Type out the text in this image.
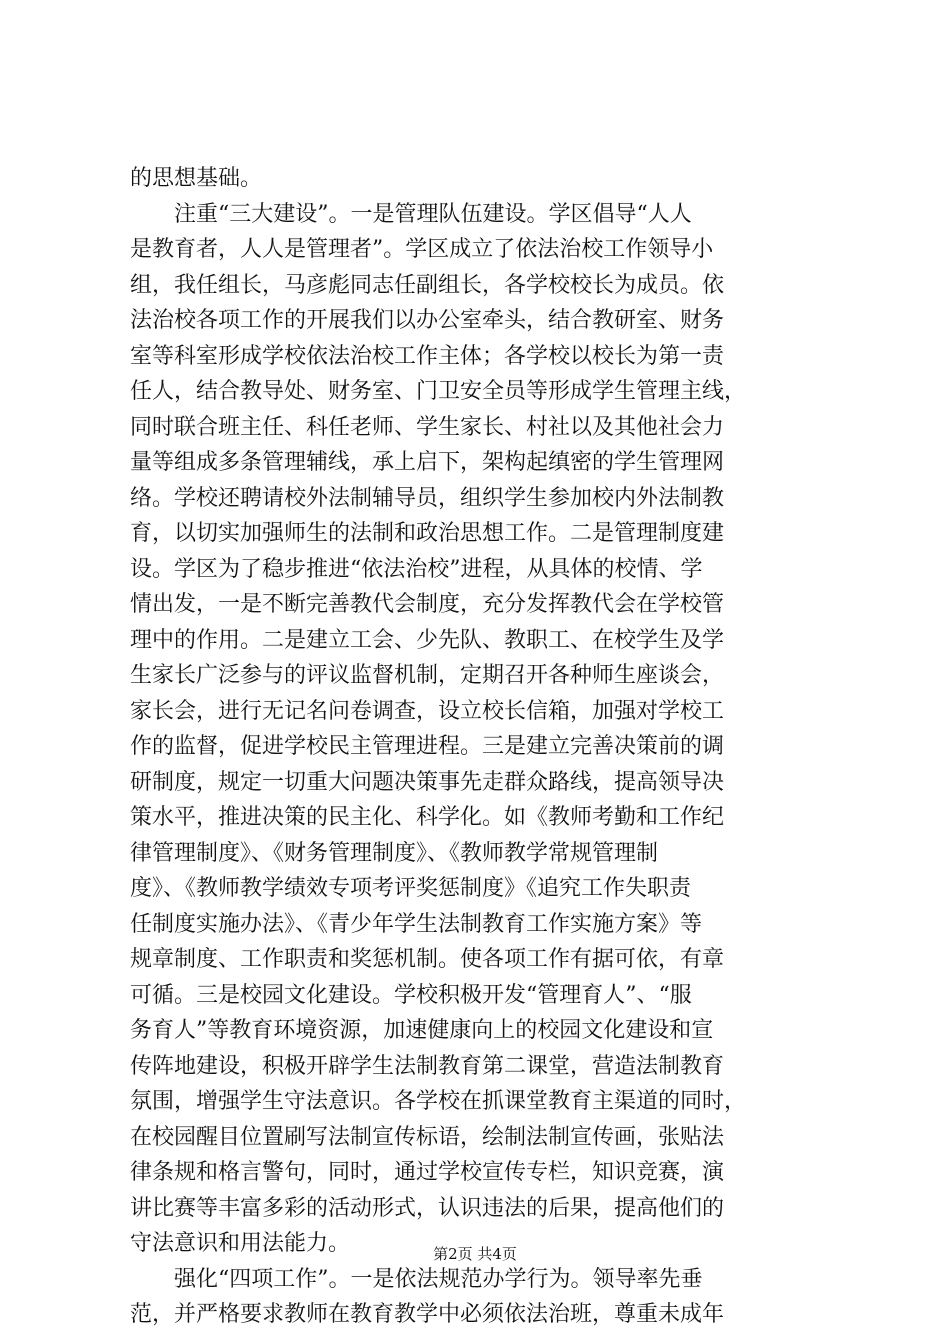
的思想基础。
注重“三大建设”。一是管理队伍建设。学区倡导“人人
是教育者，人人是管理者”。学区成立了依法治校工作领导小
组，我任组长，马彦彪同志任副组长，各学校校长为成员。依
法治校各项工作的开展我们以办公室牵头，结合教研室、财务
室等科室形成学校依法治校工作主体；各学校以校长为第一责
任人，结合教导处、财务室、门卫安全员等形成学生管理主线，
同时联合班主任、科任老师、学生家长、村社以及其他社会力
量等组成多条管理辅线，承上启下，架构起缜密的学生管理网
络。学校还聘请校外法制辅导员，组织学生参加校内外法制教
育，以切实加强师生的法制和政治思想工作。二是管理制度建
设。学区为了稳步推进“依法治校”进程，从具体的校情、学
情出发，一是不断完善教代会制度，充分发挥教代会在学校管
理中的作用。二是建立工会、少先队、教职工、在校学生及学
生家长广泛参与的评议监督机制，定期召开各种师生座谈会，
家长会，进行无记名问卷调查，设立校长信箱，加强对学校工
作的监督，促进学校民主管理进程。三是建立完善决策前的调
研制度，规定一切重大问题决策事先走群众路线，提高领导决
策水平，推进决策的民主化、科学化。如《教师考勤和工作纪
律管理制度》、《财务管理制度》、《教师教学常规管理制
度》、《教师教学绩效专项考评奖惩制度》《追究工作失职责
任制度实施办法》、《青少年学生法制教育工作实施方案》等
规章制度、工作职责和奖惩机制。使各项工作有据可依，有章
可循。三是校园文化建设。学校积极开发“管理育人”、“服
务育人”等教育环境资源，加速健康向上的校园文化建设和宣
传阵地建设，积极开辟学生法制教育第二课堂，营造法制教育
氛围，增强学生守法意识。各学校在抓课堂教育主渠道的同时，
在校园醒目位置刷写法制宣传标语，绘制法制宣传画，张贴法
律条规和格言警句，同时，通过学校宣传专栏，知识竞赛，演
讲比赛等丰富多彩的活动形式，认识违法的后果，提高他们的
守法意识和用法能力。
强化“四项工作”。一是依法规范办学行为。领导率先垂
范，并严格要求教师在教育教学中必须依法治班，尊重未成年
第2页 共4页
